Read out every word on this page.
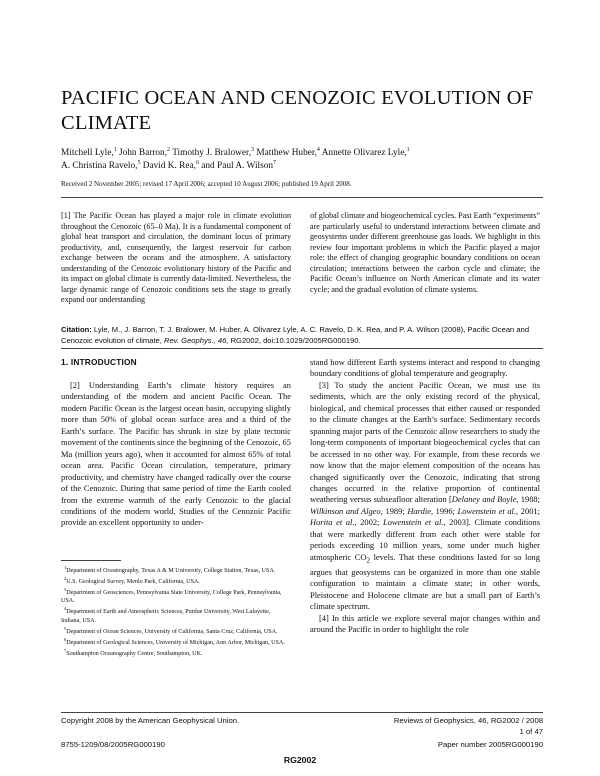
PACIFIC OCEAN AND CENOZOIC EVOLUTION OF CLIMATE
Mitchell Lyle,$^1$ John Barron,$^2$ Timothy J. Bralower,$^3$ Matthew Huber,$^4$ Annette Olivarez Lyle,$^1$
A. Christina Ravelo,$^5$ David K. Rea,$^6$ and Paul A. Wilson$^7$
Received 2 November 2005; revised 17 April 2006; accepted 10 August 2006; published 19 April 2008.
[1] The Pacific Ocean has played a major role in climate evolution throughout the Cenozoic (65–0 Ma). It is a fundamental component of global heat transport and circulation, the dominant locus of primary productivity, and, consequently, the largest reservoir for carbon exchange between the oceans and the atmosphere. A satisfactory understanding of the Cenozoic evolutionary history of the Pacific and its impact on global climate is currently data-limited. Nevertheless, the large dynamic range of Cenozoic conditions sets the stage to greatly expand our understanding
of global climate and biogeochemical cycles. Past Earth “experiments” are particularly useful to understand interactions between climate and geosystems under different greenhouse gas loads. We highlight in this review four important problems in which the Pacific played a major role: the effect of changing geographic boundary conditions on ocean circulation; interactions between the carbon cycle and climate; the Pacific Ocean’s influence on North American climate and its water cycle; and the gradual evolution of climate systems.
Citation: Lyle, M., J. Barron, T. J. Bralower, M. Huber, A. Olivarez Lyle, A. C. Ravelo, D. K. Rea, and P. A. Wilson (2008), Pacific Ocean and Cenozoic evolution of climate, Rev. Geophys., 46, RG2002, doi:10.1029/2005RG000190.
1. INTRODUCTION

[2] Understanding Earth’s climate history requires an understanding of the modern and ancient Pacific Ocean. The modern Pacific Ocean is the largest ocean basin, occupying slightly more than 50% of global ocean surface area and a third of the Earth’s surface. The Pacific has shrunk in size by plate tectonic movement of the continents since the beginning of the Cenozoic, 65 Ma (million years ago), when it accounted for almost 65% of total ocean area. Pacific Ocean circulation, temperature, primary productivity, and chemistry have changed radically over the course of the Cenozoic. During that same period of time the Earth cooled from the extreme warmth of the early Cenozoic to the glacial conditions of the modern world. Studies of the Cenozoic Pacific provide an excellent opportunity to under-

$^1$Department of Oceanography, Texas A & M University, College Station, Texas, USA.
$^2$U.S. Geological Survey, Menlo Park, California, USA.
$^3$Department of Geosciences, Pennsylvania State University, College Park, Pennsylvania, USA.
$^4$Department of Earth and Atmospheric Sciences, Purdue University, West Lafayette, Indiana, USA.
$^5$Department of Ocean Sciences, University of California, Santa Cruz, California, USA.
$^6$Department of Geological Sciences, University of Michigan, Ann Arbor, Michigan, USA.
$^7$Southampton Oceanography Centre, Southampton, UK.

stand how different Earth systems interact and respond to changing boundary conditions of global temperature and geography.

[3] To study the ancient Pacific Ocean, we must use its sediments, which are the only existing record of the physical, biological, and chemical processes that either caused or responded to the climate changes at the Earth’s surface. Sedimentary records spanning major parts of the Cenozoic allow researchers to study the long-term components of important biogeochemical cycles that can be accessed in no other way. For example, from these records we now know that the major element composition of the oceans has changed significantly over the Cenozoic, indicating that strong changes occurred in the relative proportion of continental weathering versus subseafloor alteration [Delaney and Boyle, 1988; Wilkinson and Algeo, 1989; Hardie, 1996; Lowenstein et al., 2001; Horita et al., 2002; Lowenstein et al., 2003]. Climate conditions that were markedly different from each other were stable for periods exceeding 10 million years, some under much higher atmospheric $CO_2$ levels. That these conditions lasted for so long argues that geosystems can be organized in more than one stable configuration to maintain a climate state; in other words, Pleistocene and Holocene climate are but a small part of Earth’s climate spectrum.

[4] In this article we explore several major changes within and around the Pacific in order to highlight the role

Copyright 2008 by the American Geophysical Union.	Reviews of Geophysics, 46, RG2002 / 2008
1 of 47
8755-1209/08/2005RG000190	Paper number 2005RG000190
RG2002
